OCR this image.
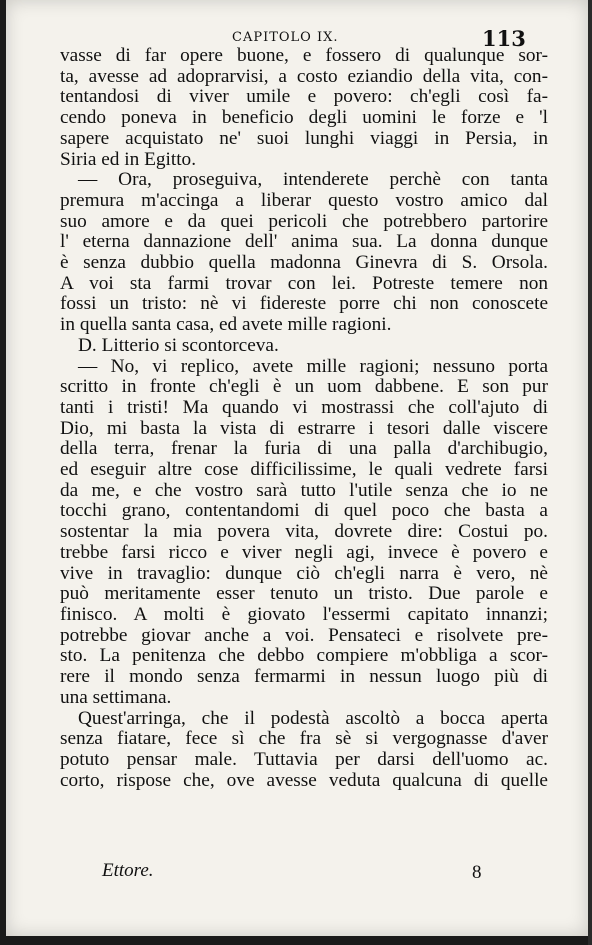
CAPITOLO IX.	113
vasse di far opere buone, e fossero di qualunque sor-
ta, avesse ad adoprarvisi, a costo eziandio della vita, con-
tentandosi di viver umile e povero: ch'egli così fa-
cendo poneva in beneficio degli uomini le forze e 'l
sapere acquistato ne' suoi lunghi viaggi in Persia, in
Siria ed in Egitto.
— Ora, proseguiva, intenderete perchè con tanta
premura m'accinga a liberar questo vostro amico dal
suo amore e da quei pericoli che potrebbero partorire
l' eterna dannazione dell' anima sua. La donna dunque
è senza dubbio quella madonna Ginevra di S. Orsola.
A voi sta farmi trovar con lei. Potreste temere non
fossi un tristo: nè vi fidereste porre chi non conoscete
in quella santa casa, ed avete mille ragioni.
D. Litterio si scontorceva.
— No, vi replico, avete mille ragioni; nessuno porta
scritto in fronte ch'egli è un uom dabbene. E son pur
tanti i tristi! Ma quando vi mostrassi che coll'ajuto di
Dio, mi basta la vista di estrarre i tesori dalle viscere
della terra, frenar la furia di una palla d'archibugio,
ed eseguir altre cose difficilissime, le quali vedrete farsi
da me, e che vostro sarà tutto l'utile senza che io ne
tocchi grano, contentandomi di quel poco che basta a
sostentar la mia povera vita, dovrete dire: Costui po.
trebbe farsi ricco e viver negli agi, invece è povero e
vive in travaglio: dunque ciò ch'egli narra è vero, nè
può meritamente esser tenuto un tristo. Due parole e
finisco. A molti è giovato l'essermi capitato innanzi;
potrebbe giovar anche a voi. Pensateci e risolvete pre-
sto. La penitenza che debbo compiere m'obbliga a scor-
rere il mondo senza fermarmi in nessun luogo più di
una settimana.
Quest'arringa, che il podestà ascoltò a bocca aperta
senza fiatare, fece sì che fra sè si vergognasse d'aver
potuto pensar male. Tuttavia per darsi dell'uomo ac.
corto, rispose che, ove avesse veduta qualcuna di quelle
Ettore.	8
